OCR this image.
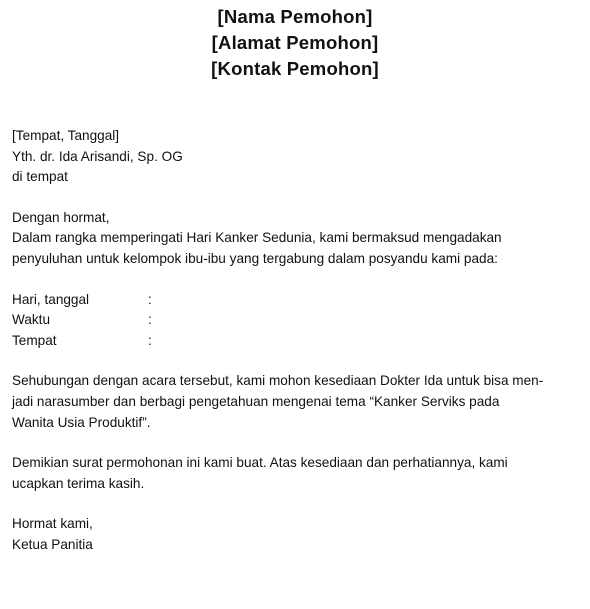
[Nama Pemohon]
[Alamat Pemohon]
[Kontak Pemohon]
[Tempat, Tanggal]
Yth. dr. Ida Arisandi, Sp. OG
di tempat
Dengan hormat,
Dalam rangka memperingati Hari Kanker Sedunia, kami bermaksud mengadakan
penyuluhan untuk kelompok ibu-ibu yang tergabung dalam posyandu kami pada:
Hari, tanggal	:
Waktu	:
Tempat	:
Sehubungan dengan acara tersebut, kami mohon kesediaan Dokter Ida untuk bisa men-
jadi narasumber dan berbagi pengetahuan mengenai tema “Kanker Serviks pada
Wanita Usia Produktif”.
Demikian surat permohonan ini kami buat. Atas kesediaan dan perhatiannya, kami
ucapkan terima kasih.
Hormat kami,
Ketua Panitia
